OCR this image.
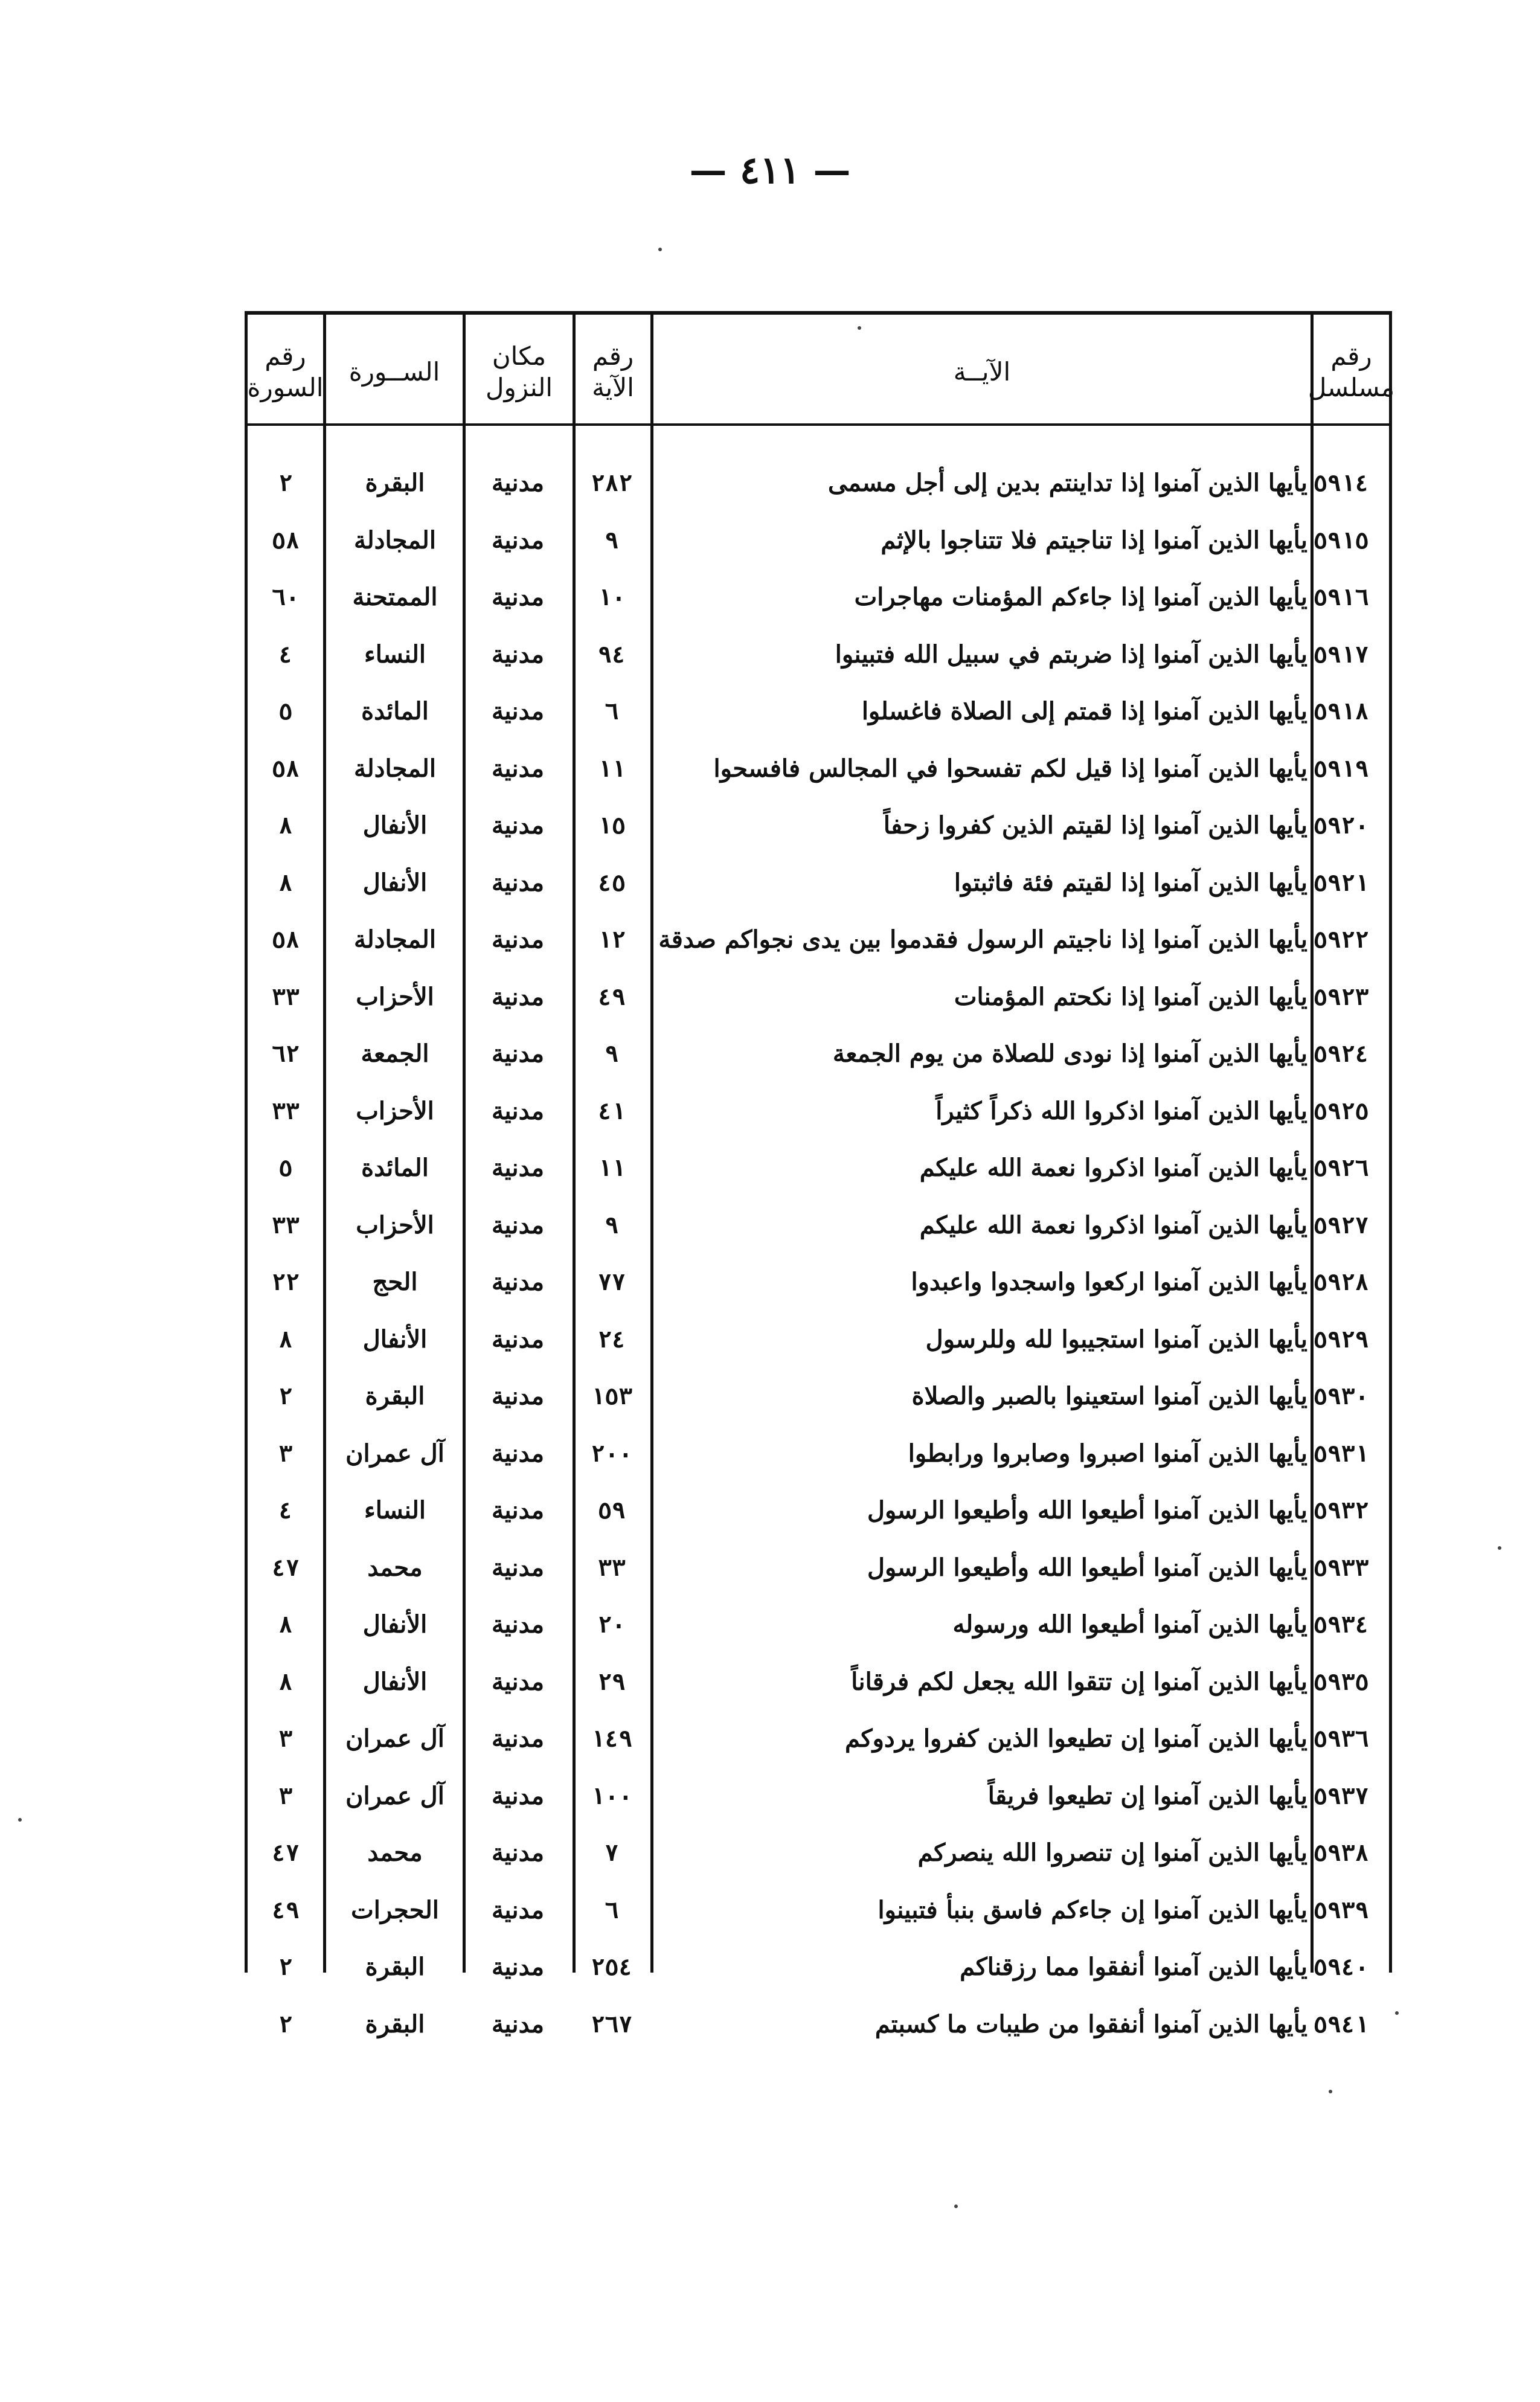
— ٤١١ —
رقم
مسلسل
الآيــة
رقم
الآية
مكان
النزول
الســورة
رقم
السورة
٥٩١٤
يأيها الذين آمنوا إذا تداينتم بدين إلى أجل مسمى
٢٨٢
مدنية
البقرة
٢
٥٩١٥
يأيها الذين آمنوا إذا تناجيتم فلا تتناجوا بالإثم
٩
مدنية
المجادلة
٥٨
٥٩١٦
يأيها الذين آمنوا إذا جاءكم المؤمنات مهاجرات
١٠
مدنية
الممتحنة
٦٠
٥٩١٧
يأيها الذين آمنوا إذا ضربتم في سبيل الله فتبينوا
٩٤
مدنية
النساء
٤
٥٩١٨
يأيها الذين آمنوا إذا قمتم إلى الصلاة فاغسلوا
٦
مدنية
المائدة
٥
٥٩١٩
يأيها الذين آمنوا إذا قيل لكم تفسحوا في المجالس فافسحوا
١١
مدنية
المجادلة
٥٨
٥٩٢٠
يأيها الذين آمنوا إذا لقيتم الذين كفروا زحفاً
١٥
مدنية
الأنفال
٨
٥٩٢١
يأيها الذين آمنوا إذا لقيتم فئة فاثبتوا
٤٥
مدنية
الأنفال
٨
٥٩٢٢
يأيها الذين آمنوا إذا ناجيتم الرسول فقدموا بين يدى نجواكم صدقة
١٢
مدنية
المجادلة
٥٨
٥٩٢٣
يأيها الذين آمنوا إذا نكحتم المؤمنات
٤٩
مدنية
الأحزاب
٣٣
٥٩٢٤
يأيها الذين آمنوا إذا نودى للصلاة من يوم الجمعة
٩
مدنية
الجمعة
٦٢
٥٩٢٥
يأيها الذين آمنوا اذكروا الله ذكراً كثيراً
٤١
مدنية
الأحزاب
٣٣
٥٩٢٦
يأيها الذين آمنوا اذكروا نعمة الله عليكم
١١
مدنية
المائدة
٥
٥٩٢٧
يأيها الذين آمنوا اذكروا نعمة الله عليكم
٩
مدنية
الأحزاب
٣٣
٥٩٢٨
يأيها الذين آمنوا اركعوا واسجدوا واعبدوا
٧٧
مدنية
الحج
٢٢
٥٩٢٩
يأيها الذين آمنوا استجيبوا لله وللرسول
٢٤
مدنية
الأنفال
٨
٥٩٣٠
يأيها الذين آمنوا استعينوا بالصبر والصلاة
١٥٣
مدنية
البقرة
٢
٥٩٣١
يأيها الذين آمنوا اصبروا وصابروا ورابطوا
٢٠٠
مدنية
آل عمران
٣
٥٩٣٢
يأيها الذين آمنوا أطيعوا الله وأطيعوا الرسول
٥٩
مدنية
النساء
٤
٥٩٣٣
يأيها الذين آمنوا أطيعوا الله وأطيعوا الرسول
٣٣
مدنية
محمد
٤٧
٥٩٣٤
يأيها الذين آمنوا أطيعوا الله ورسوله
٢٠
مدنية
الأنفال
٨
٥٩٣٥
يأيها الذين آمنوا إن تتقوا الله يجعل لكم فرقاناً
٢٩
مدنية
الأنفال
٨
٥٩٣٦
يأيها الذين آمنوا إن تطيعوا الذين كفروا يردوكم
١٤٩
مدنية
آل عمران
٣
٥٩٣٧
يأيها الذين آمنوا إن تطيعوا فريقاً
١٠٠
مدنية
آل عمران
٣
٥٩٣٨
يأيها الذين آمنوا إن تنصروا الله ينصركم
٧
مدنية
محمد
٤٧
٥٩٣٩
يأيها الذين آمنوا إن جاءكم فاسق بنبأ فتبينوا
٦
مدنية
الحجرات
٤٩
٥٩٤٠
يأيها الذين آمنوا أنفقوا مما رزقناكم
٢٥٤
مدنية
البقرة
٢
٥٩٤١
يأيها الذين آمنوا أنفقوا من طيبات ما كسبتم
٢٦٧
مدنية
البقرة
٢
